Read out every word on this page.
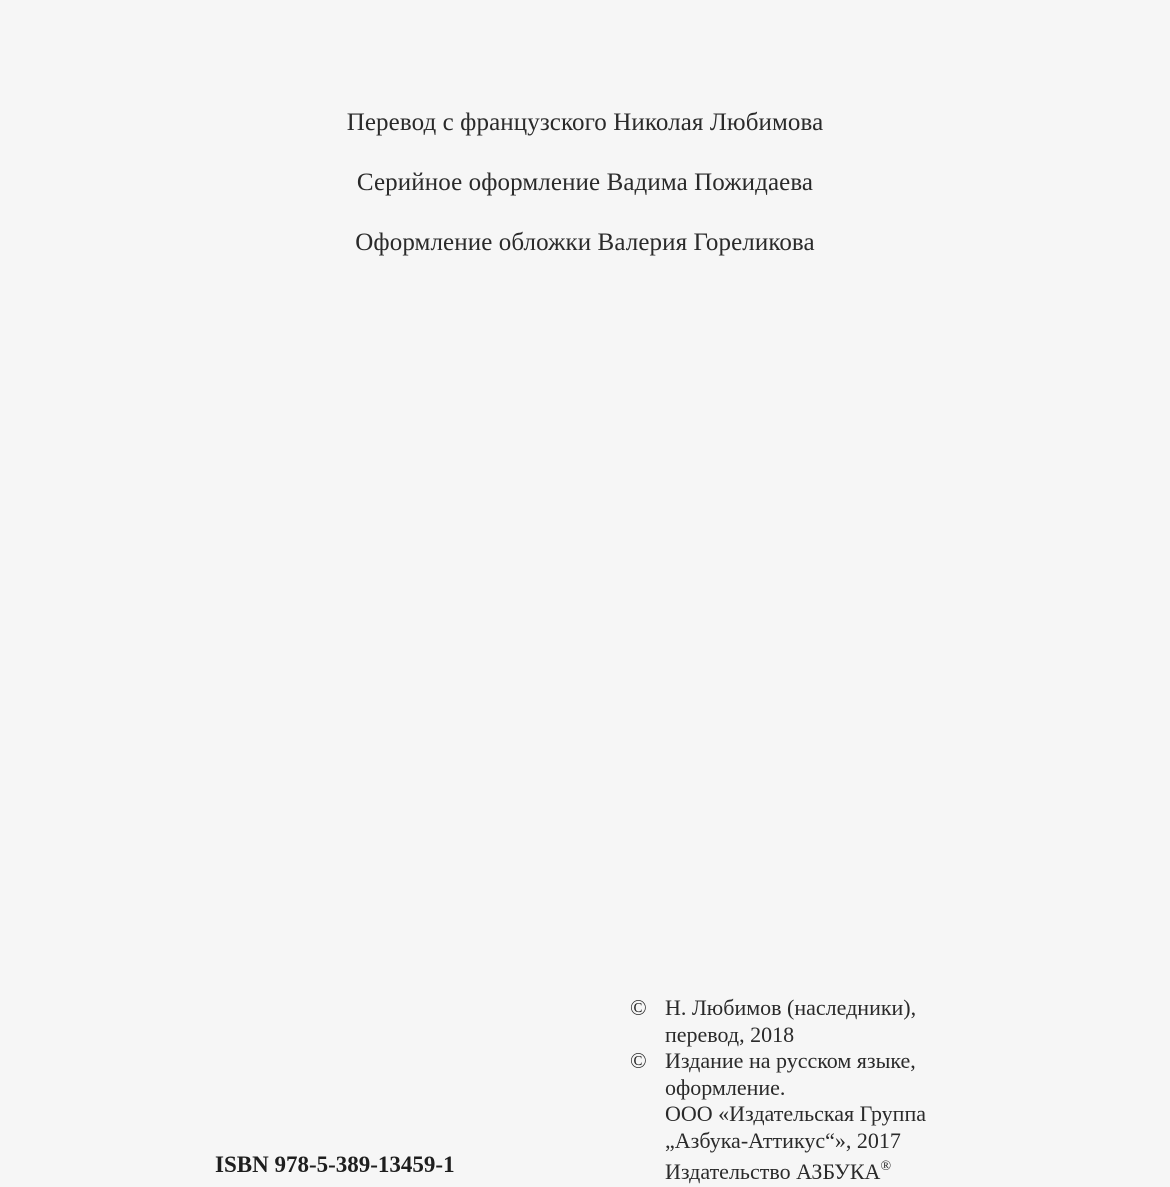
Перевод с французского Николая Любимова
Серийное оформление Вадима Пожидаева
Оформление обложки Валерия Гореликова
© Н. Любимов (наследники),
перевод, 2018
© Издание на русском языке,
оформление.
ООО «Издательская Группа
„Азбука-Аттикус“», 2017
Издательство АЗБУКА®
ISBN 978-5-389-13459-1
